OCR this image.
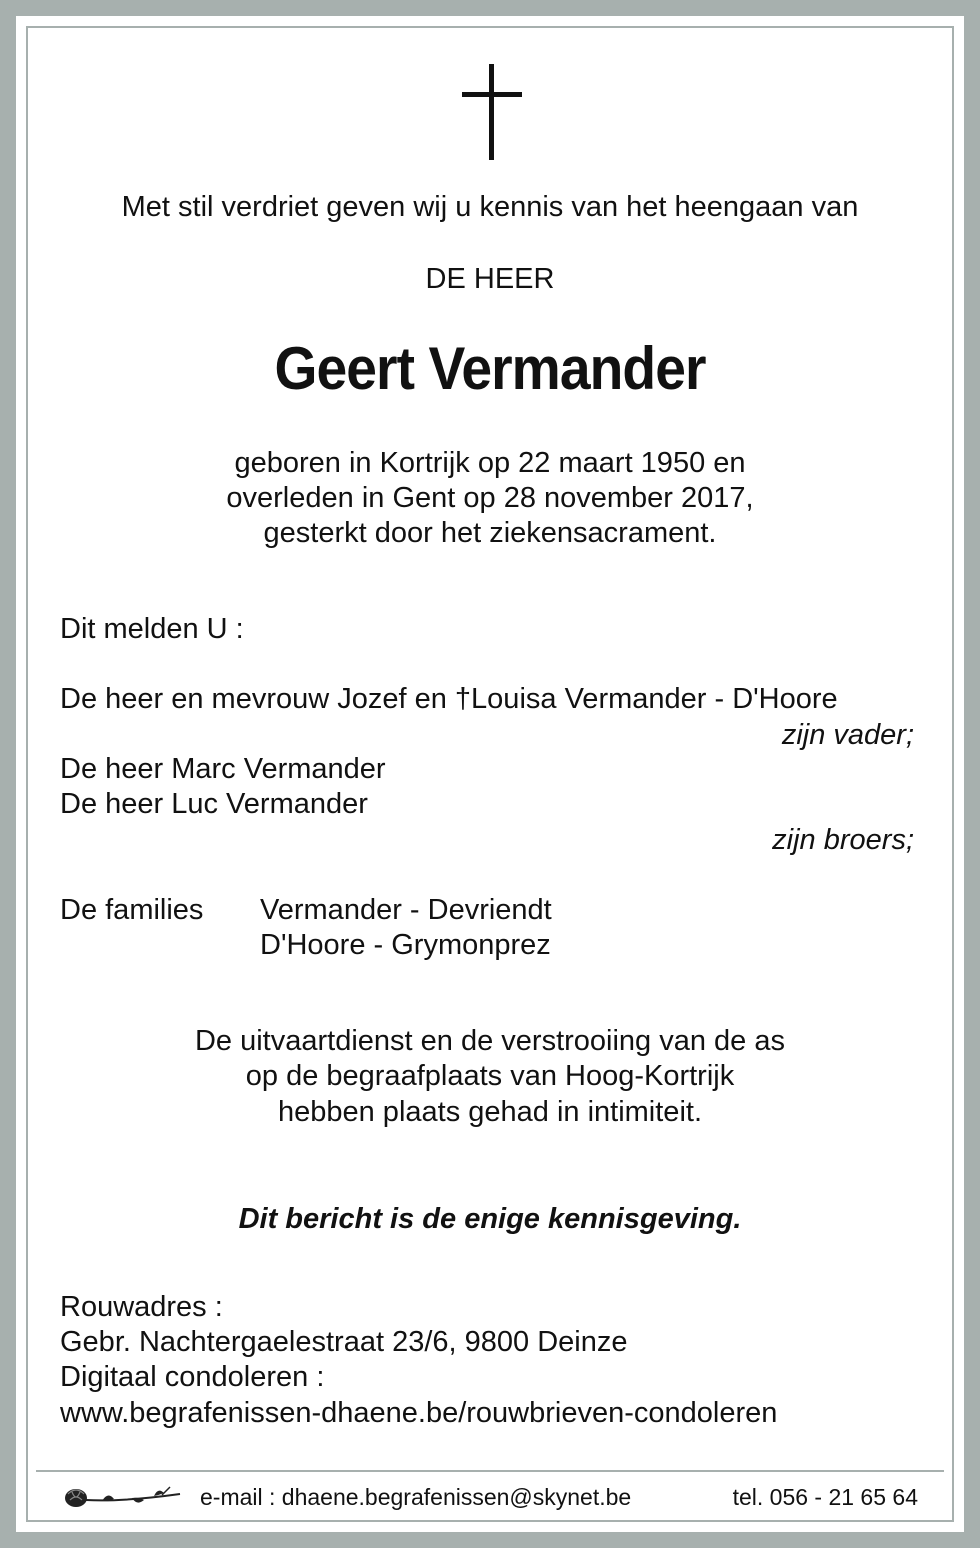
Met stil verdriet geven wij u kennis van het heengaan van
DE HEER
Geert Vermander
geboren in Kortrijk op 22 maart 1950 en
overleden in Gent op 28 november 2017,
gesterkt door het ziekensacrament.
Dit melden U :
De heer en mevrouw Jozef en †Louisa Vermander - D'Hoore
zijn vader;
De heer Marc Vermander
De heer Luc Vermander
zijn broers;
De families Vermander - Devriendt
D'Hoore - Grymonprez
De uitvaartdienst en de verstrooiing van de as
op de begraafplaats van Hoog-Kortrijk
hebben plaats gehad in intimiteit.
Dit bericht is de enige kennisgeving.
Rouwadres :
Gebr. Nachtergaelestraat 23/6, 9800 Deinze
Digitaal condoleren :
www.begrafenissen-dhaene.be/rouwbrieven-condoleren
e-mail : dhaene.begrafenissen@skynet.be	tel. 056 - 21 65 64
